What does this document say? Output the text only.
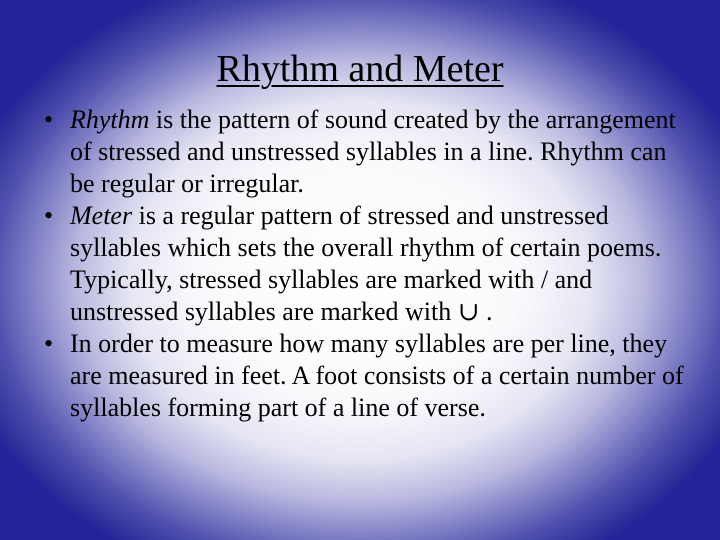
Rhythm and Meter
• Rhythm is the pattern of sound created by the arrangement of stressed and unstressed syllables in a line. Rhythm can be regular or irregular.
• Meter is a regular pattern of stressed and unstressed syllables which sets the overall rhythm of certain poems. Typically, stressed syllables are marked with / and unstressed syllables are marked with ∪ .
• In order to measure how many syllables are per line, they are measured in feet. A foot consists of a certain number of syllables forming part of a line of verse.
